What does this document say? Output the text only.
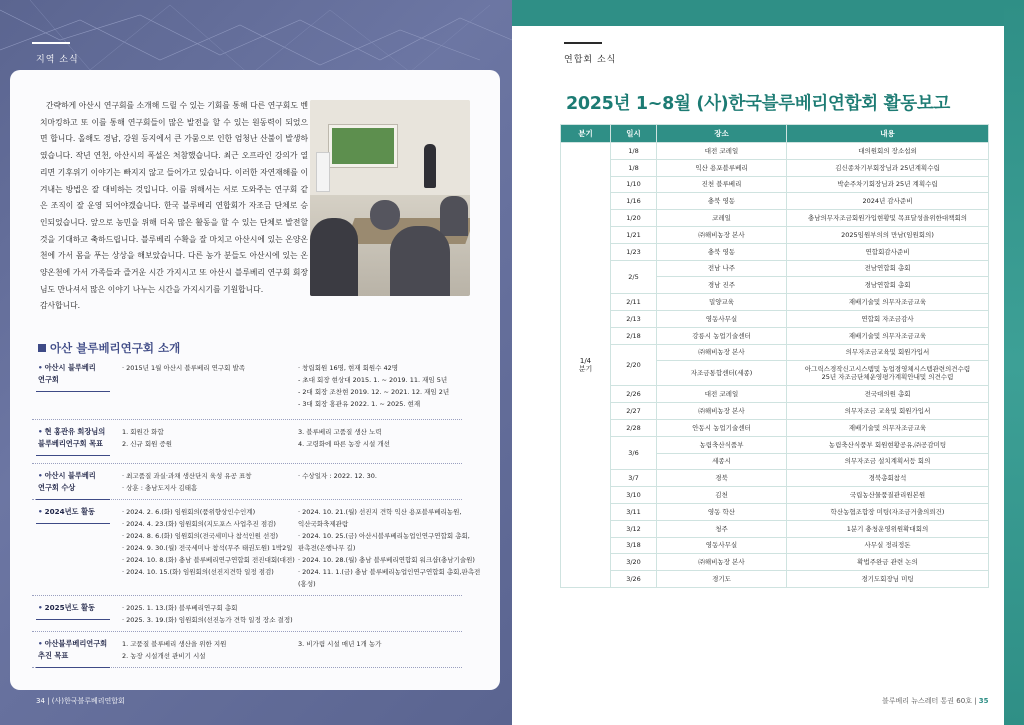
지역 소식

간략하게 아산시 연구회를 소개해 드릴 수 있는 기회를 통해 다른 연구회도 벤치마킹하고 또 이를 통해 연구회들이 많은 발전을 할 수 있는 원동력이 되었으면 합니다. 올해도 경남, 강원 등지에서 큰 가뭄으로 인한 엄청난 산불이 발생하였습니다. 작년 연천, 아산시의 폭설은 처참했습니다. 최근 오프라인 강의가 열리면 기후위기 이야기는 빠지지 않고 들어가고 있습니다. 이러한 자연재해를 이겨내는 방법은 잘 대비하는 것입니다. 이를 위해서는 서로 도와주는 연구회 같은 조직이 잘 운영 되어야겠습니다. 한국 블루베리 연합회가 자조금 단체로 승인되었습니다. 앞으로 농민을 위해 더욱 많은 활동을 할 수 있는 단체로 발전할 것을 기대하고 축하드립니다. 블루베리 수확을 잘 마치고 아산시에 있는 온양온천에 가서 몸을 푸는 상상을 해보았습니다. 다른 농가 분들도 아산시에 있는 온양온천에 가서 가족들과 즐거운 시간 가지시고 또 아산시 블루베리 연구회 회장님도 만나셔서 많은 이야기 나누는 시간을 가지시기를 기원합니다.

감사합니다.

아산 블루베리연구회 소개
• 아산시 블루베리

연구회
· 2015년 1월 아산시 블루베리 연구회 발족	· 창립회원 16명, 현재 회원수 42명
- 초대 회장 현상대 2015. 1. ~ 2019. 11. 재임 5년
- 2대 회장 조찬현 2019. 12. ~ 2021. 12. 재임 2년
- 3대 회장 홍관유 2022. 1. ~ 2025. 현재
• 현 홍관유 회장님의

블루베리연구회 목표
1. 회원간 화합
2. 신규 회원 증원
3. 블루베리 고품질 생산 노력
4. 고령화에 따른 농장 시설 개선
• 아산시 블루베리

연구회 수상
· 최고품질 과실·과채 생산단지 육성 유공 표창
· 상훈 : 충남도지사 김태흠
· 수상일자 : 2022. 12. 30.
• 2024년도 활동	· 2024. 2. 6.(화) 임원회의(품위향상인수인계)
· 2024. 4. 23.(화) 임원회의(지도포스 사업추진 점검)
· 2024. 8. 6.(화) 임원회의(전국세미나 참석인원 선정)
· 2024. 9. 30.(월) 전국세미나 참석(무주 태권도원) 1박2일
· 2024. 10. 8.(화) 충남 블루베리연구연합회 전진대회(대전)
· 2024. 10. 15.(화) 임원회의(선진지견학 일정 점검)
· 2024. 10. 21.(월) 선진지 견학 익산 용포블루베리농원,
익산국화축제관람
· 2024. 10. 25.(금) 아산시블루베리농업인연구연합회 총회,
판촉전(은행나무 길)
· 2024. 10. 28.(월) 충남 블루베리연합회 워크샵(충남기술원)
· 2024. 11. 1.(금) 충남 블루베리농업인연구연합회 총회,판촉전
(홍성)
• 2025년도 활동	· 2025. 1. 13.(화) 블루베리연구회 총회
· 2025. 3. 19.(화) 임원회의(선진농가 견학 일정 장소 결정)
• 아산블루베리연구회

추진 목표
1. 고품질 블루베리 생산을 위한 지원
2. 농장 시설개선 관비기 시설
3. 비가림 시설 매년 1개 농가
34 | (사)한국블루베리연합회
연합회 소식
2025년 1~8월 (사)한국블루베리연합회 활동보고
분기	일시	장소	내용

1/4
분기	1/8	대전 코레일	대의원회의 장소섭외

	1/8	익산 용포블루베리	김신종차기부회장님과 25년계획수립

	1/10	진천 블루베리	박순주차기회장님과 25년 계획수립

	1/16	충북 영동	2024년 감사준비

	1/20	코레일	충남의무자조금회원가입현황및 목표달성을위한대책회의

	1/21	㈜해비농장 본사	2025임원부의의 만남(임원회의)

	1/23	충북 영동	연합회감사준비

	2/5	전남 나주	전남연합회 총회

		경남 진주	경남연합회 총회

	2/11	밀양교육	재배기술및 의무자조금교육

	2/13	영동사무실	연합회 자조금감사

	2/18	강릉시 농업기술센터	재배기술및 의무자조금교육

	2/20	㈜해비농장 본사	의무자조금교육및 회원가입서

		자조금통합센터(세종)	아그릭스경작신고시스템및 농업경영체시스템관련의견수렴
25년 자조금단체운영평가계획안내및 의견수렴

	2/26	대전 코레일	전국대의원 총회

	2/27	㈜해비농장 본사	의무자조금 교육및 회원가입서

	2/28	안동시 농업기술센터	재배기술및 의무자조금교육

	3/6	농림축산식품부	농림축산식품부 회원현황공유,㈜공감미팅

		세종시	의무자조금 설치계획서등 회의

	3/7	경북	경북총회참석

	3/10	김천	국립농산물품질관리원본원

	3/11	영동 학산	학산농협조합장 미팅(자조금거출의뢰건)

	3/12	청주	1분기 충청운영위원확대회의

	3/18	영동사무실	사무실 정리정돈

	3/20	㈜해비농장 본사	확법주완금 관련 논의

	3/26	경기도	경기도회장님 미팅
블루베리 뉴스레터 통권 60호 | 35
